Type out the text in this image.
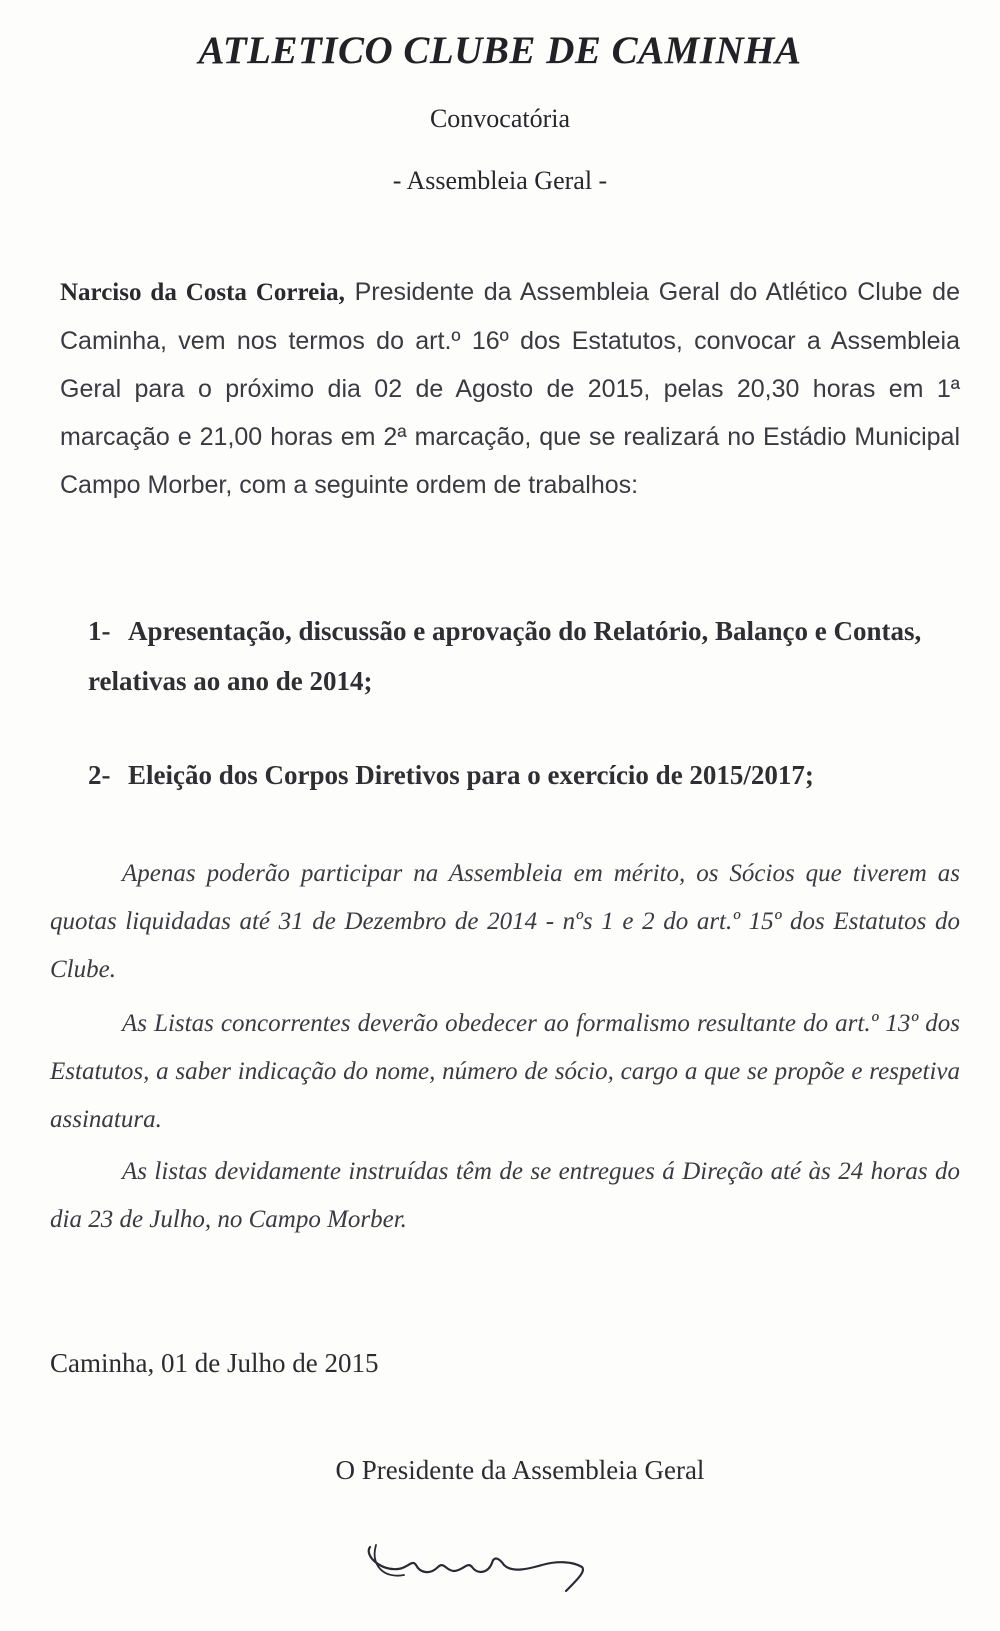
ATLETICO CLUBE DE CAMINHA
Convocatória
- Assembleia Geral -
Narciso da Costa Correia, Presidente da Assembleia Geral do Atlético Clube de Caminha, vem nos termos do art.º 16º dos Estatutos, convocar a Assembleia Geral para o próximo dia 02 de Agosto de 2015, pelas 20,30 horas em 1ª marcação e 21,00 horas em 2ª marcação, que se realizará no Estádio Municipal Campo Morber, com a seguinte ordem de trabalhos:
1- Apresentação, discussão e aprovação do Relatório, Balanço e Contas, relativas ao ano de 2014;
2- Eleição dos Corpos Diretivos para o exercício de 2015/2017;
Apenas poderão participar na Assembleia em mérito, os Sócios que tiverem as quotas liquidadas até 31 de Dezembro de 2014 - nºs 1 e 2 do art.º 15º dos Estatutos do Clube.
As Listas concorrentes deverão obedecer ao formalismo resultante do art.º 13º dos Estatutos, a saber indicação do nome, número de sócio, cargo a que se propõe e respetiva assinatura.
As listas devidamente instruídas têm de se entregues á Direção até às 24 horas do dia 23 de Julho, no Campo Morber.
Caminha, 01 de Julho de 2015
O Presidente da Assembleia Geral
